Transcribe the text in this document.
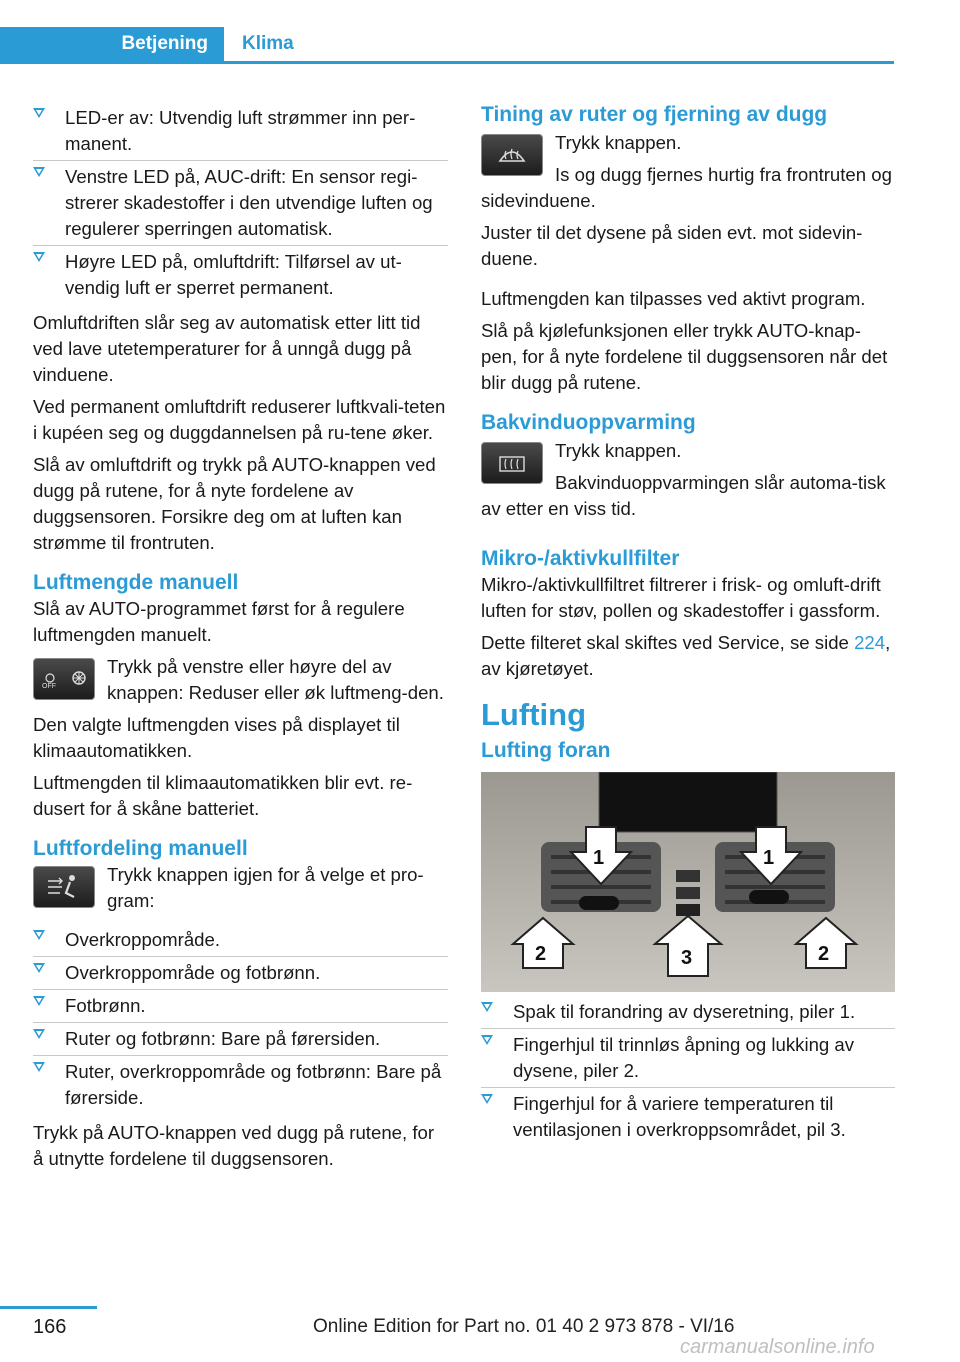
Betjening	Klima
LED-er av: Utvendig luft strømmer inn per-manent.
Venstre LED på, AUC-drift: En sensor regi-strerer skadestoffer i den utvendige luften og regulerer sperringen automatisk.
Høyre LED på, omluftdrift: Tilførsel av ut-vendig luft er sperret permanent.

Omluftdriften slår seg av automatisk etter litt tid ved lave utetemperaturer for å unngå dugg på vinduene.

Ved permanent omluftdrift reduserer luftkvali-teten i kupéen seg og duggdannelsen på ru-tene øker.

Slå av omluftdrift og trykk på AUTO-knappen ved dugg på rutene, for å nyte fordelene av duggsensoren. Forsikre deg om at luften kan strømme til frontruten.

Luftmengde manuell

Slå av AUTO-programmet først for å regulere luftmengden manuelt.

OFF

Trykk på venstre eller høyre del av knappen: Reduser eller øk luftmeng-den.

Den valgte luftmengden vises på displayet til klimaautomatikken.

Luftmengden til klimaautomatikken blir evt. re-dusert for å skåne batteriet.

Luftfordeling manuell

Trykk knappen igjen for å velge et pro-gram:

Overkroppområde.
Overkroppområde og fotbrønn.
Fotbrønn.
Ruter og fotbrønn: Bare på førersiden.
Ruter, overkroppområde og fotbrønn: Bare på førerside.

Trykk på AUTO-knappen ved dugg på rutene, for å utnytte fordelene til duggsensoren.

Tining av ruter og fjerning av dugg

Trykk knappen.

Is og dugg fjernes hurtig fra frontruten og sidevinduene.

Juster til det dysene på siden evt. mot sidevin-duene.

Luftmengden kan tilpasses ved aktivt program.

Slå på kjølefunksjonen eller trykk AUTO-knap-pen, for å nyte fordelene til duggsensoren når det blir dugg på rutene.

Bakvinduoppvarming

Trykk knappen.

Bakvinduoppvarmingen slår automa-tisk av etter en viss tid.

Mikro-/aktivkullfilter

Mikro-/aktivkullfiltret filtrerer i frisk- og omluft-drift luften for støv, pollen og skadestoffer i gassform.

Dette filteret skal skiftes ved Service, se side 224, av kjøretøyet.

Lufting
Lufting foran
1	1
2	3	2
Spak til forandring av dyseretning, piler 1.
Fingerhjul til trinnløs åpning og lukking av dysene, piler 2.
Fingerhjul for å variere temperaturen til ventilasjonen i overkroppsområdet, pil 3.
166	Online Edition for Part no. 01 40 2 973 878 - VI/16
carmanualsonline.info
